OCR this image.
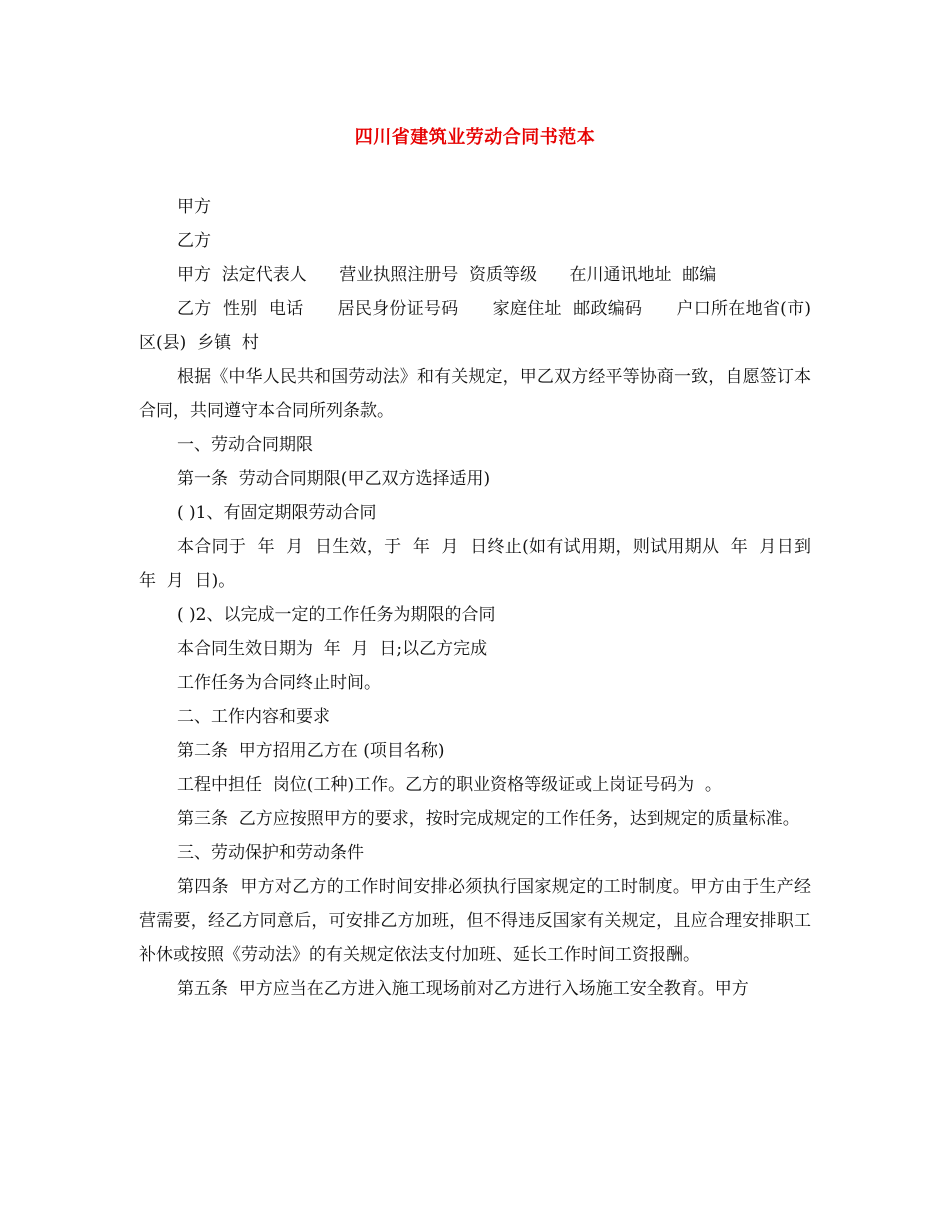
四川省建筑业劳动合同书范本

甲方

乙方

甲方  法定代表人      营业执照注册号  资质等级      在川通讯地址  邮编

乙方  性别  电话      居民身份证号码      家庭住址  邮政编码      户口所在地省(市)  区(县)  乡镇  村

根据《中华人民共和国劳动法》和有关规定，甲乙双方经平等协商一致，自愿签订本合同，共同遵守本合同所列条款。

一、劳动合同期限

第一条  劳动合同期限(甲乙双方选择适用)

( )1、有固定期限劳动合同

本合同于  年  月  日生效，于  年  月  日终止(如有试用期，则试用期从  年  月日到  年  月  日)。

( )2、以完成一定的工作任务为期限的合同

本合同生效日期为  年  月  日;以乙方完成

工作任务为合同终止时间。

二、工作内容和要求

第二条  甲方招用乙方在 (项目名称)

工程中担任  岗位(工种)工作。乙方的职业资格等级证或上岗证号码为  。

第三条  乙方应按照甲方的要求，按时完成规定的工作任务，达到规定的质量标准。

三、劳动保护和劳动条件

第四条  甲方对乙方的工作时间安排必须执行国家规定的工时制度。甲方由于生产经营需要，经乙方同意后，可安排乙方加班，但不得违反国家有关规定，且应合理安排职工补休或按照《劳动法》的有关规定依法支付加班、延长工作时间工资报酬。

第五条  甲方应当在乙方进入施工现场前对乙方进行入场施工安全教育。甲方
